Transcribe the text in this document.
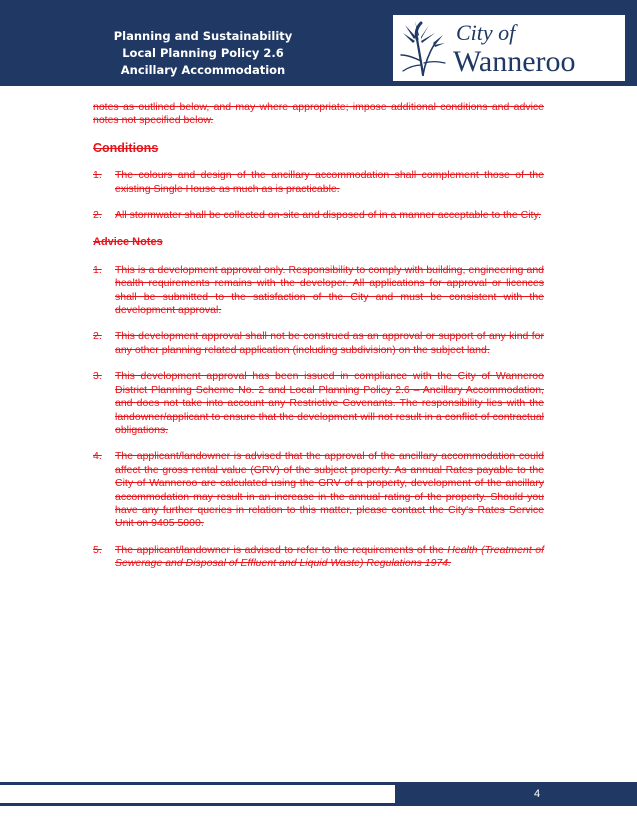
Planning and Sustainability
Local Planning Policy 2.6
Ancillary Accommodation
City of
Wanneroo

notes as outlined below, and may where appropriate; impose additional conditions and advice notes not specified below.

Conditions

1.	The colours and design of the ancillary accommodation shall complement those of the existing Single House as much as is practicable.
2.	All stormwater shall be collected on-site and disposed of in a manner acceptable to the City.

Advice Notes

1.	This is a development approval only. Responsibility to comply with building, engineering and health requirements remains with the developer. All applications for approval or licences shall be submitted to the satisfaction of the City and must be consistent with the development approval.
2.	This development approval shall not be construed as an approval or support of any kind for any other planning related application (including subdivision) on the subject land.
3.	This development approval has been issued in compliance with the City of Wanneroo District Planning Scheme No. 2 and Local Planning Policy 2.6 – Ancillary Accommodation, and does not take into account any Restrictive Covenants. The responsibility lies with the landowner/applicant to ensure that the development will not result in a conflict of contractual obligations.
4.	The applicant/landowner is advised that the approval of the ancillary accommodation could affect the gross rental value (GRV) of the subject property. As annual Rates payable to the City of Wanneroo are calculated using the GRV of a property, development of the ancillary accommodation may result in an increase in the annual rating of the property. Should you have any further queries in relation to this matter, please contact the City's Rates Service Unit on 9405 5000.
5.	The applicant/landowner is advised to refer to the requirements of the Health (Treatment of Sewerage and Disposal of Effluent and Liquid Waste) Regulations 1974.
4
